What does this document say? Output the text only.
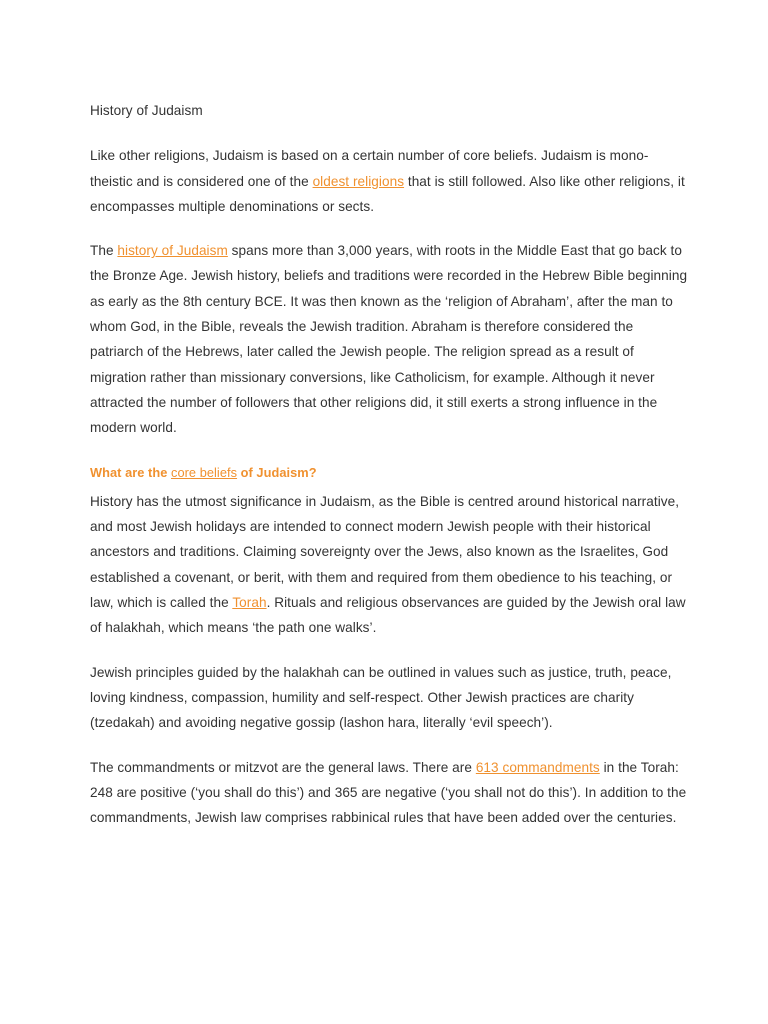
History of Judaism

Like other religions, Judaism is based on a certain number of core beliefs. Judaism is mono-theistic and is considered one of the oldest religions that is still followed. Also like other religions, it encompasses multiple denominations or sects.

The history of Judaism spans more than 3,000 years, with roots in the Middle East that go back to the Bronze Age. Jewish history, beliefs and traditions were recorded in the Hebrew Bible beginning as early as the 8th century BCE. It was then known as the ‘religion of Abraham’, after the man to whom God, in the Bible, reveals the Jewish tradition. Abraham is therefore considered the patriarch of the Hebrews, later called the Jewish people. The religion spread as a result of migration rather than missionary conversions, like Catholicism, for example. Although it never attracted the number of followers that other religions did, it still exerts a strong influence in the modern world.

What are the core beliefs of Judaism?

History has the utmost significance in Judaism, as the Bible is centred around historical narrative, and most Jewish holidays are intended to connect modern Jewish people with their historical ancestors and traditions. Claiming sovereignty over the Jews, also known as the Israelites, God established a covenant, or berit, with them and required from them obedience to his teaching, or law, which is called the Torah. Rituals and religious observances are guided by the Jewish oral law of halakhah, which means ‘the path one walks’.

Jewish principles guided by the halakhah can be outlined in values such as justice, truth, peace, loving kindness, compassion, humility and self-respect. Other Jewish practices are charity (tzedakah) and avoiding negative gossip (lashon hara, literally ‘evil speech’).

The commandments or mitzvot are the general laws. There are 613 commandments in the Torah: 248 are positive (‘you shall do this’) and 365 are negative (‘you shall not do this’). In addition to the commandments, Jewish law comprises rabbinical rules that have been added over the centuries.
